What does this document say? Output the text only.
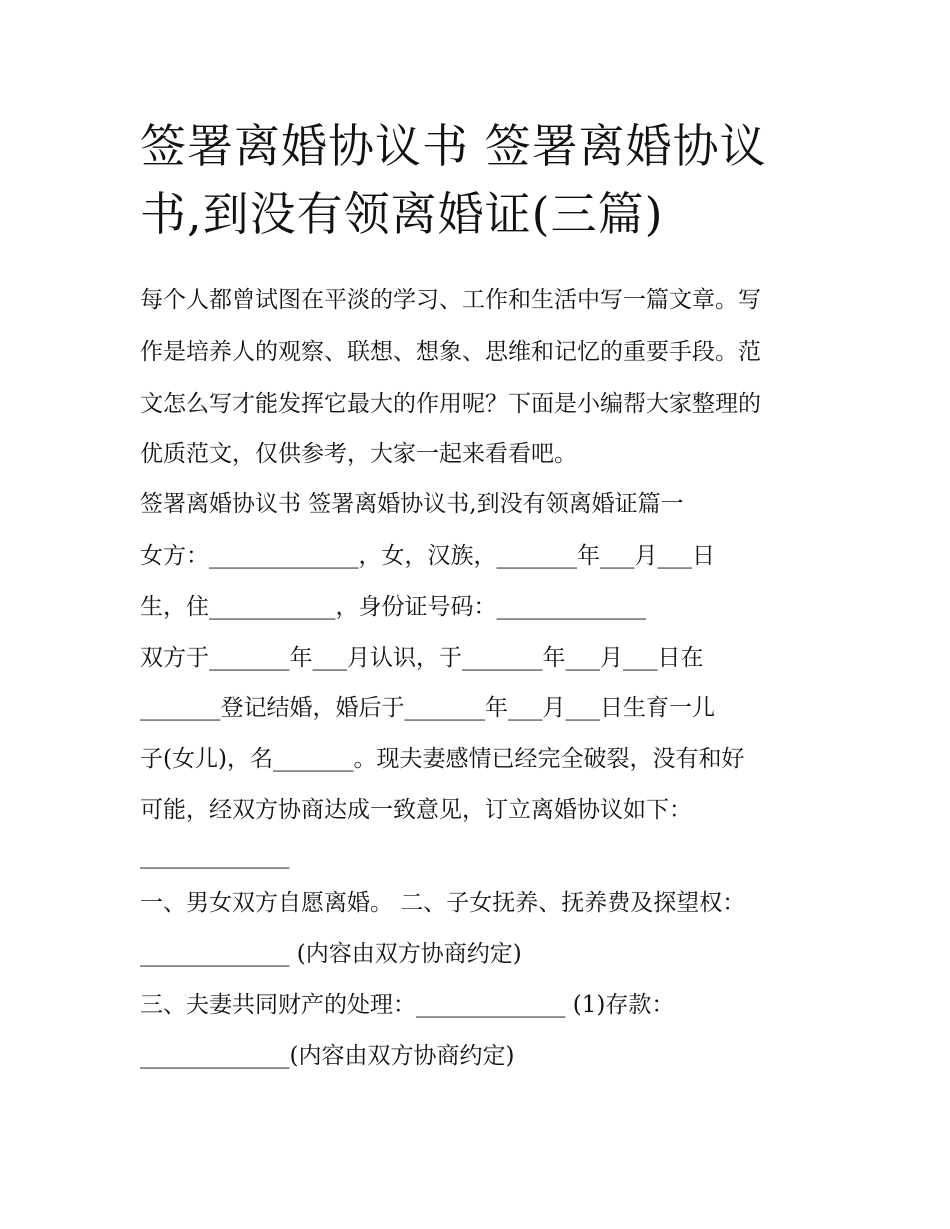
签署离婚协议书 签署离婚协议
书,到没有领离婚证(三篇)

每个人都曾试图在平淡的学习、工作和生活中写一篇文章。写

作是培养人的观察、联想、想象、思维和记忆的重要手段。范

文怎么写才能发挥它最大的作用呢？下面是小编帮大家整理的

优质范文，仅供参考，大家一起来看看吧。

签署离婚协议书 签署离婚协议书,到没有领离婚证篇一

女方：_____________，女，汉族，_______年___月___日

生，住___________，身份证号码：_____________

双方于_______年___月认识，于_______年___月___日在

_______登记结婚，婚后于_______年___月___日生育一儿

子(女儿)，名_______。现夫妻感情已经完全破裂，没有和好

可能，经双方协商达成一致意见，订立离婚协议如下：

_____________

一、男女双方自愿离婚。 二、子女抚养、抚养费及探望权：

_____________ (内容由双方协商约定)

三、夫妻共同财产的处理：_____________ (1)存款：

_____________(内容由双方协商约定)
